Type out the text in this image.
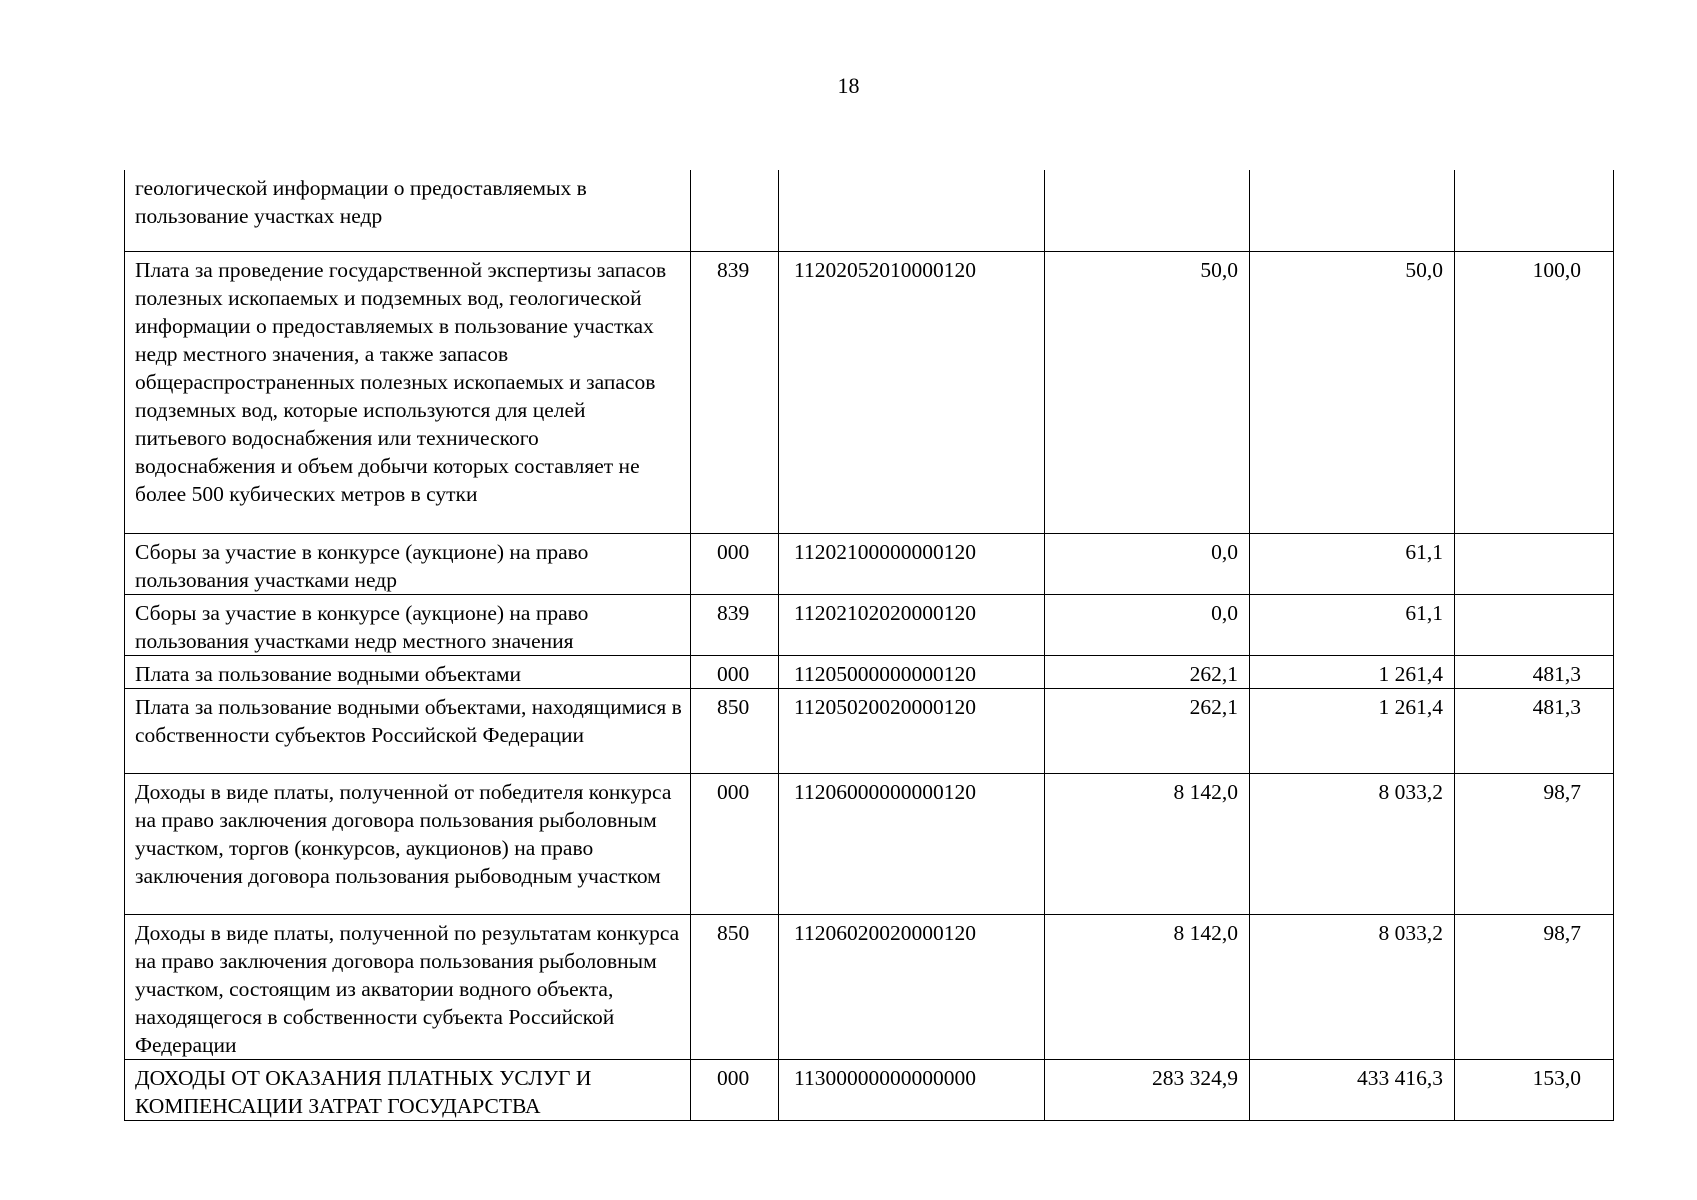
18
геологической информации о предоставляемых в пользование участках недр					

Плата за проведение государственной экспертизы запасов полезных ископаемых и подземных вод, геологической информации о предоставляемых в пользование участках недр местного значения, а также запасов общераспространенных полезных ископаемых и запасов подземных вод, которые используются для целей питьевого водоснабжения или технического водоснабжения и объем добычи которых составляет не более 500 кубических метров в сутки	839	11202052010000120	50,0	50,0	100,0

Сборы за участие в конкурсе (аукционе) на право пользования участками недр	000	11202100000000120	0,0	61,1	

Сборы за участие в конкурсе (аукционе) на право пользования участками недр местного значения	839	11202102020000120	0,0	61,1	

Плата за пользование водными объектами	000	11205000000000120	262,1	1 261,4	481,3

Плата за пользование водными объектами, находящимися в собственности субъектов Российской Федерации	850	11205020020000120	262,1	1 261,4	481,3

Доходы в виде платы, полученной от победителя конкурса на право заключения договора пользования рыболовным участком, торгов (конкурсов, аукционов) на право заключения договора пользования рыбоводным участком	000	11206000000000120	8 142,0	8 033,2	98,7

Доходы в виде платы, полученной по результатам конкурса на право заключения договора пользования рыболовным участком, состоящим из акватории водного объекта, находящегося в собственности субъекта Российской Федерации	850	11206020020000120	8 142,0	8 033,2	98,7

ДОХОДЫ ОТ ОКАЗАНИЯ ПЛАТНЫХ УСЛУГ И КОМПЕНСАЦИИ ЗАТРАТ ГОСУДАРСТВА	000	11300000000000000	283 324,9	433 416,3	153,0
